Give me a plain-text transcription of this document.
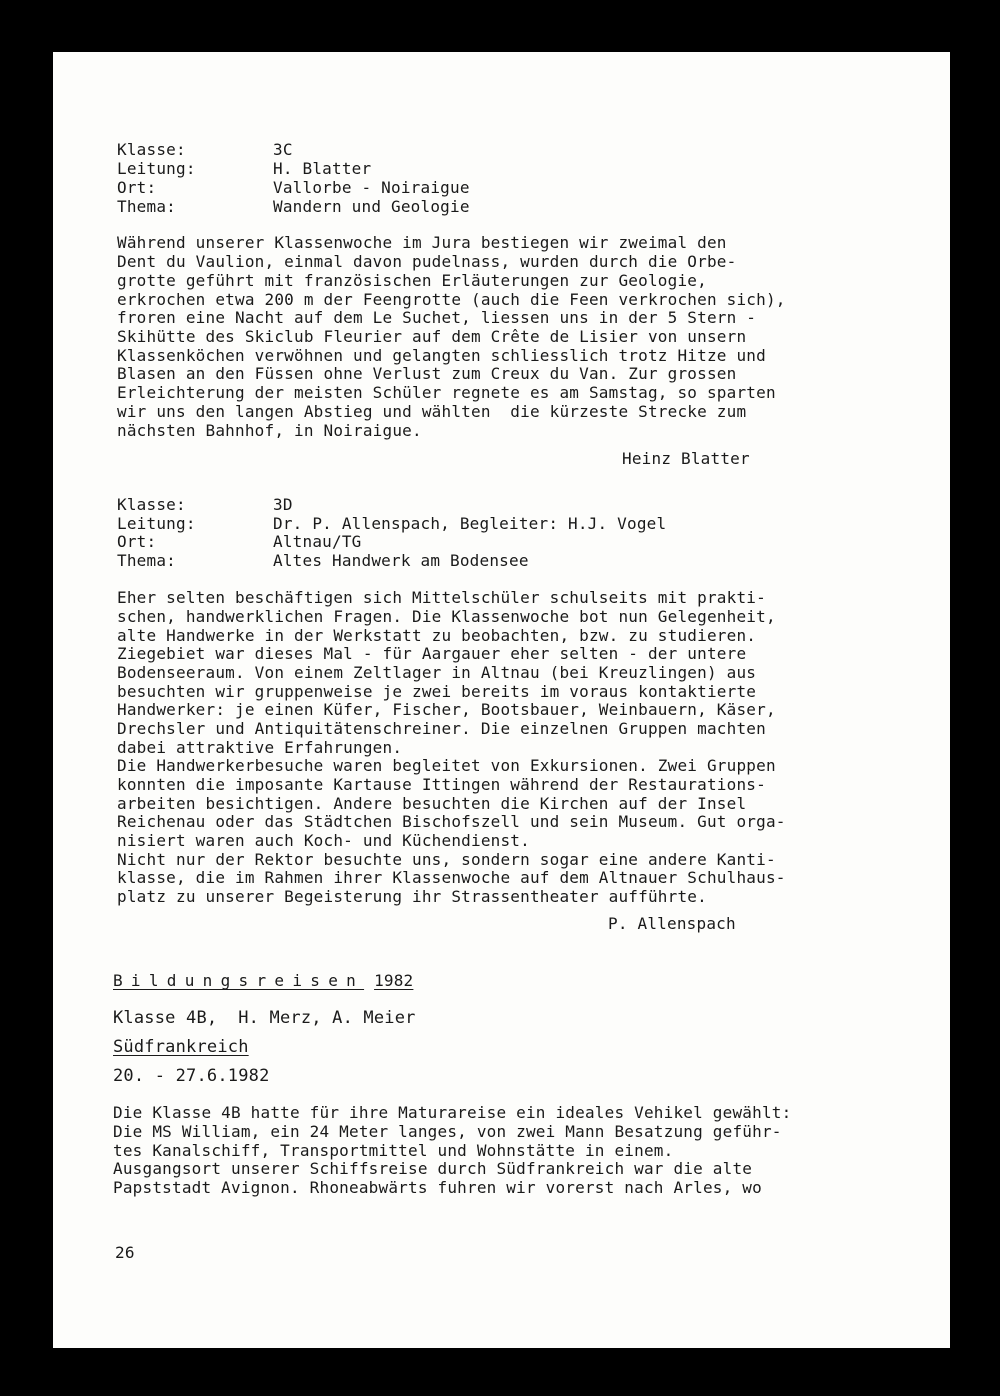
Klasse:	3C

Leitung:	H. Blatter

Ort:	Vallorbe - Noiraigue

Thema:	Wandern und Geologie

Während unserer Klassenwoche im Jura bestiegen wir zweimal den

Dent du Vaulion, einmal davon pudelnass, wurden durch die Orbe-

grotte geführt mit französischen Erläuterungen zur Geologie,

erkrochen etwa 200 m der Feengrotte (auch die Feen verkrochen sich),

froren eine Nacht auf dem Le Suchet, liessen uns in der 5 Stern -

Skihütte des Skiclub Fleurier auf dem Crête de Lisier von unsern

Klassenköchen verwöhnen und gelangten schliesslich trotz Hitze und

Blasen an den Füssen ohne Verlust zum Creux du Van. Zur grossen

Erleichterung der meisten Schüler regnete es am Samstag, so sparten

wir uns den langen Abstieg und wählten  die kürzeste Strecke zum

nächsten Bahnhof, in Noiraigue.

Heinz Blatter

Klasse:	3D

Leitung:	Dr. P. Allenspach, Begleiter: H.J. Vogel

Ort:	Altnau/TG

Thema:	Altes Handwerk am Bodensee

Eher selten beschäftigen sich Mittelschüler schulseits mit prakti-

schen, handwerklichen Fragen. Die Klassenwoche bot nun Gelegenheit,

alte Handwerke in der Werkstatt zu beobachten, bzw. zu studieren.

Ziegebiet war dieses Mal - für Aargauer eher selten - der untere

Bodenseeraum. Von einem Zeltlager in Altnau (bei Kreuzlingen) aus

besuchten wir gruppenweise je zwei bereits im voraus kontaktierte

Handwerker: je einen Küfer, Fischer, Bootsbauer, Weinbauern, Käser,

Drechsler und Antiquitätenschreiner. Die einzelnen Gruppen machten

dabei attraktive Erfahrungen.

Die Handwerkerbesuche waren begleitet von Exkursionen. Zwei Gruppen

konnten die imposante Kartause Ittingen während der Restaurations-

arbeiten besichtigen. Andere besuchten die Kirchen auf der Insel

Reichenau oder das Städtchen Bischofszell und sein Museum. Gut orga-

nisiert waren auch Koch- und Küchendienst.

Nicht nur der Rektor besuchte uns, sondern sogar eine andere Kanti-

klasse, die im Rahmen ihrer Klassenwoche auf dem Altnauer Schulhaus-

platz zu unserer Begeisterung ihr Strassentheater aufführte.

P. Allenspach

Bildungsreisen 1982

Klasse 4B,  H. Merz, A. Meier

Südfrankreich

20. - 27.6.1982

Die Klasse 4B hatte für ihre Maturareise ein ideales Vehikel gewählt:

Die MS William, ein 24 Meter langes, von zwei Mann Besatzung geführ-

tes Kanalschiff, Transportmittel und Wohnstätte in einem.

Ausgangsort unserer Schiffsreise durch Südfrankreich war die alte

Papststadt Avignon. Rhoneabwärts fuhren wir vorerst nach Arles, wo

26
